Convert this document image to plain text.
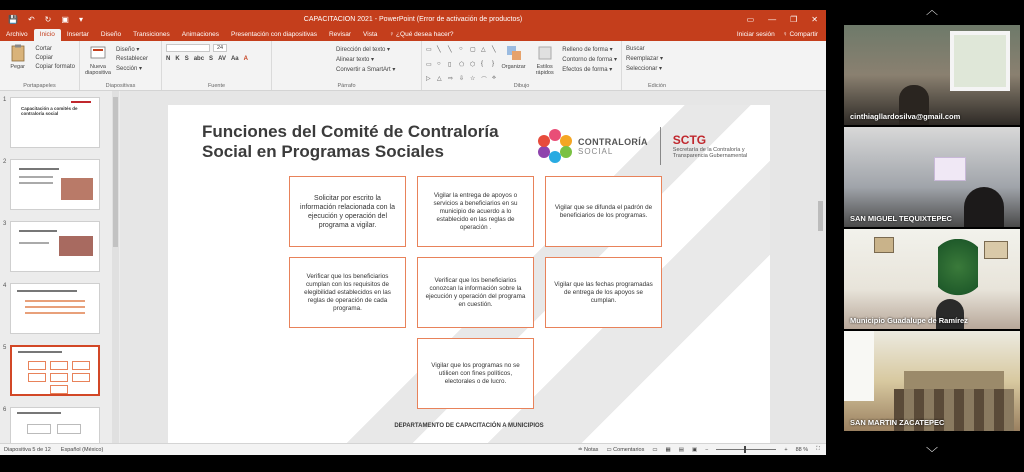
💾 ↶ ↻ ▣ ▾	CAPACITACION 2021 - PowerPoint (Error de activación de productos)	▭ — ❐ ✕
Archivo	Inicio	Insertar	Diseño	Transiciones	Animaciones	Presentación con diapositivas	Revisar	Vista	♀ ¿Qué desea hacer?	Iniciar sesión ♀ Compartir
Pegar
Cortar
Copiar
Copiar formato
Portapapeles
Nueva diapositiva
Diseño ▾
Restablecer
Sección ▾
Diapositivas
24
N K S abc S AV Aa A
Fuente
Dirección del texto ▾
Alinear texto ▾
Convertir a SmartArt ▾
Párrafo
▭ ╲	╲	○	▢ △	╲
▭ ○	▯	⬠ ⬡ {	}
▷	△	⇨ ⇩ ☆ ⌒ ⟡
Organizar	Estilos rápidos
Relleno de forma ▾
Contorno de forma ▾
Efectos de forma ▾
Dibujo
Buscar
Reemplazar ▾
Seleccionar ▾
Edición
1
Capacitación a comités de contraloría social
2
3
4
5
6
Funciones del Comité de Contraloría Social en Programas Sociales
CONTRALORÍA
SOCIAL
SCTG
Secretaría de la Contraloría y Transparencia Gubernamental
Solicitar por escrito la información relacionada con la ejecución y operación del programa a vigilar.
Vigilar la entrega de apoyos o servicios a beneficiarios en su municipio de acuerdo a lo establecido en las reglas de operación .
Vigilar que se difunda el padrón de beneficiarios de los programas.
Verificar que los beneficiarios cumplan con los requisitos de elegibilidad establecidos en las reglas de operación de cada programa.
Verificar que los beneficiarios conozcan la información sobre la ejecución y operación del programa en cuestión.
Vigilar que las fechas programadas de entrega de los apoyos se cumplan.
Vigilar que los programas no se utilicen con fines políticos, electorales o de lucro.
DEPARTAMENTO DE CAPACITACIÓN A MUNICIPIOS
Diapositiva 5 de 12 Español (México)	≐ Notas ▭ Comentarios ▭ ▦ ▤ ▣ −	+ 88 % ⛶
︿
cinthiagllardosilva@gmail.com
SAN MIGUEL TEQUIXTEPEC
Municipio Guadalupe de Ramírez
SAN MARTIN ZACATEPEC
﹀
